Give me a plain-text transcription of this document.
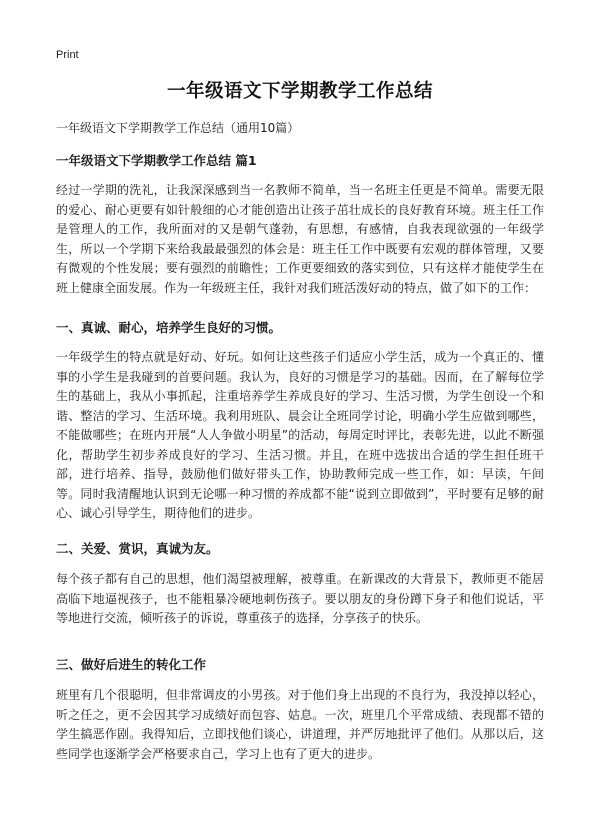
Print
一年级语文下学期教学工作总结

一年级语文下学期教学工作总结（通用10篇）

一年级语文下学期教学工作总结 篇1

经过一学期的洗礼，让我深深感到当一名教师不简单，当一名班主任更是不简单。需要无限的爱心、耐心更要有如针般细的心才能创造出让孩子茁壮成长的良好教育环境。班主任工作是管理人的工作，我所面对的又是朝气蓬勃，有思想，有感情，自我表现欲强的一年级学生，所以一个学期下来给我最最强烈的体会是：班主任工作中既要有宏观的群体管理，又要有微观的个性发展；要有强烈的前瞻性；工作更要细致的落实到位，只有这样才能使学生在班上健康全面发展。作为一年级班主任，我针对我们班活泼好动的特点，做了如下的工作：

一、真诚、耐心，培养学生良好的习惯。

一年级学生的特点就是好动、好玩。如何让这些孩子们适应小学生活，成为一个真正的、懂事的小学生是我碰到的首要问题。我认为，良好的习惯是学习的基础。因而，在了解每位学生的基础上，我从小事抓起，注重培养学生养成良好的学习、生活习惯，为学生创设一个和谐、整洁的学习、生活环境。我利用班队、晨会让全班同学讨论，明确小学生应做到哪些，不能做哪些；在班内开展“人人争做小明星”的活动，每周定时评比，表彰先进，以此不断强化，帮助学生初步养成良好的学习、生活习惯。并且，在班中选拔出合适的学生担任班干部，进行培养、指导，鼓励他们做好带头工作，协助教师完成一些工作，如：早读，午间等。同时我清醒地认识到无论哪一种习惯的养成都不能“说到立即做到”，平时要有足够的耐心、诚心引导学生，期待他们的进步。

二、关爱、赏识，真诚为友。

每个孩子都有自己的思想，他们渴望被理解，被尊重。在新课改的大背景下，教师更不能居高临下地逼视孩子，也不能粗暴冷硬地刺伤孩子。要以朋友的身份蹲下身子和他们说话，平等地进行交流，倾听孩子的诉说，尊重孩子的选择，分享孩子的快乐。

三、做好后进生的转化工作

班里有几个很聪明，但非常调皮的小男孩。对于他们身上出现的不良行为，我没掉以轻心，听之任之，更不会因其学习成绩好而包容、姑息。一次，班里几个平常成绩、表现都不错的学生搞恶作剧。我得知后，立即找他们谈心，讲道理，并严厉地批评了他们。从那以后，这些同学也逐渐学会严格要求自己，学习上也有了更大的进步。
